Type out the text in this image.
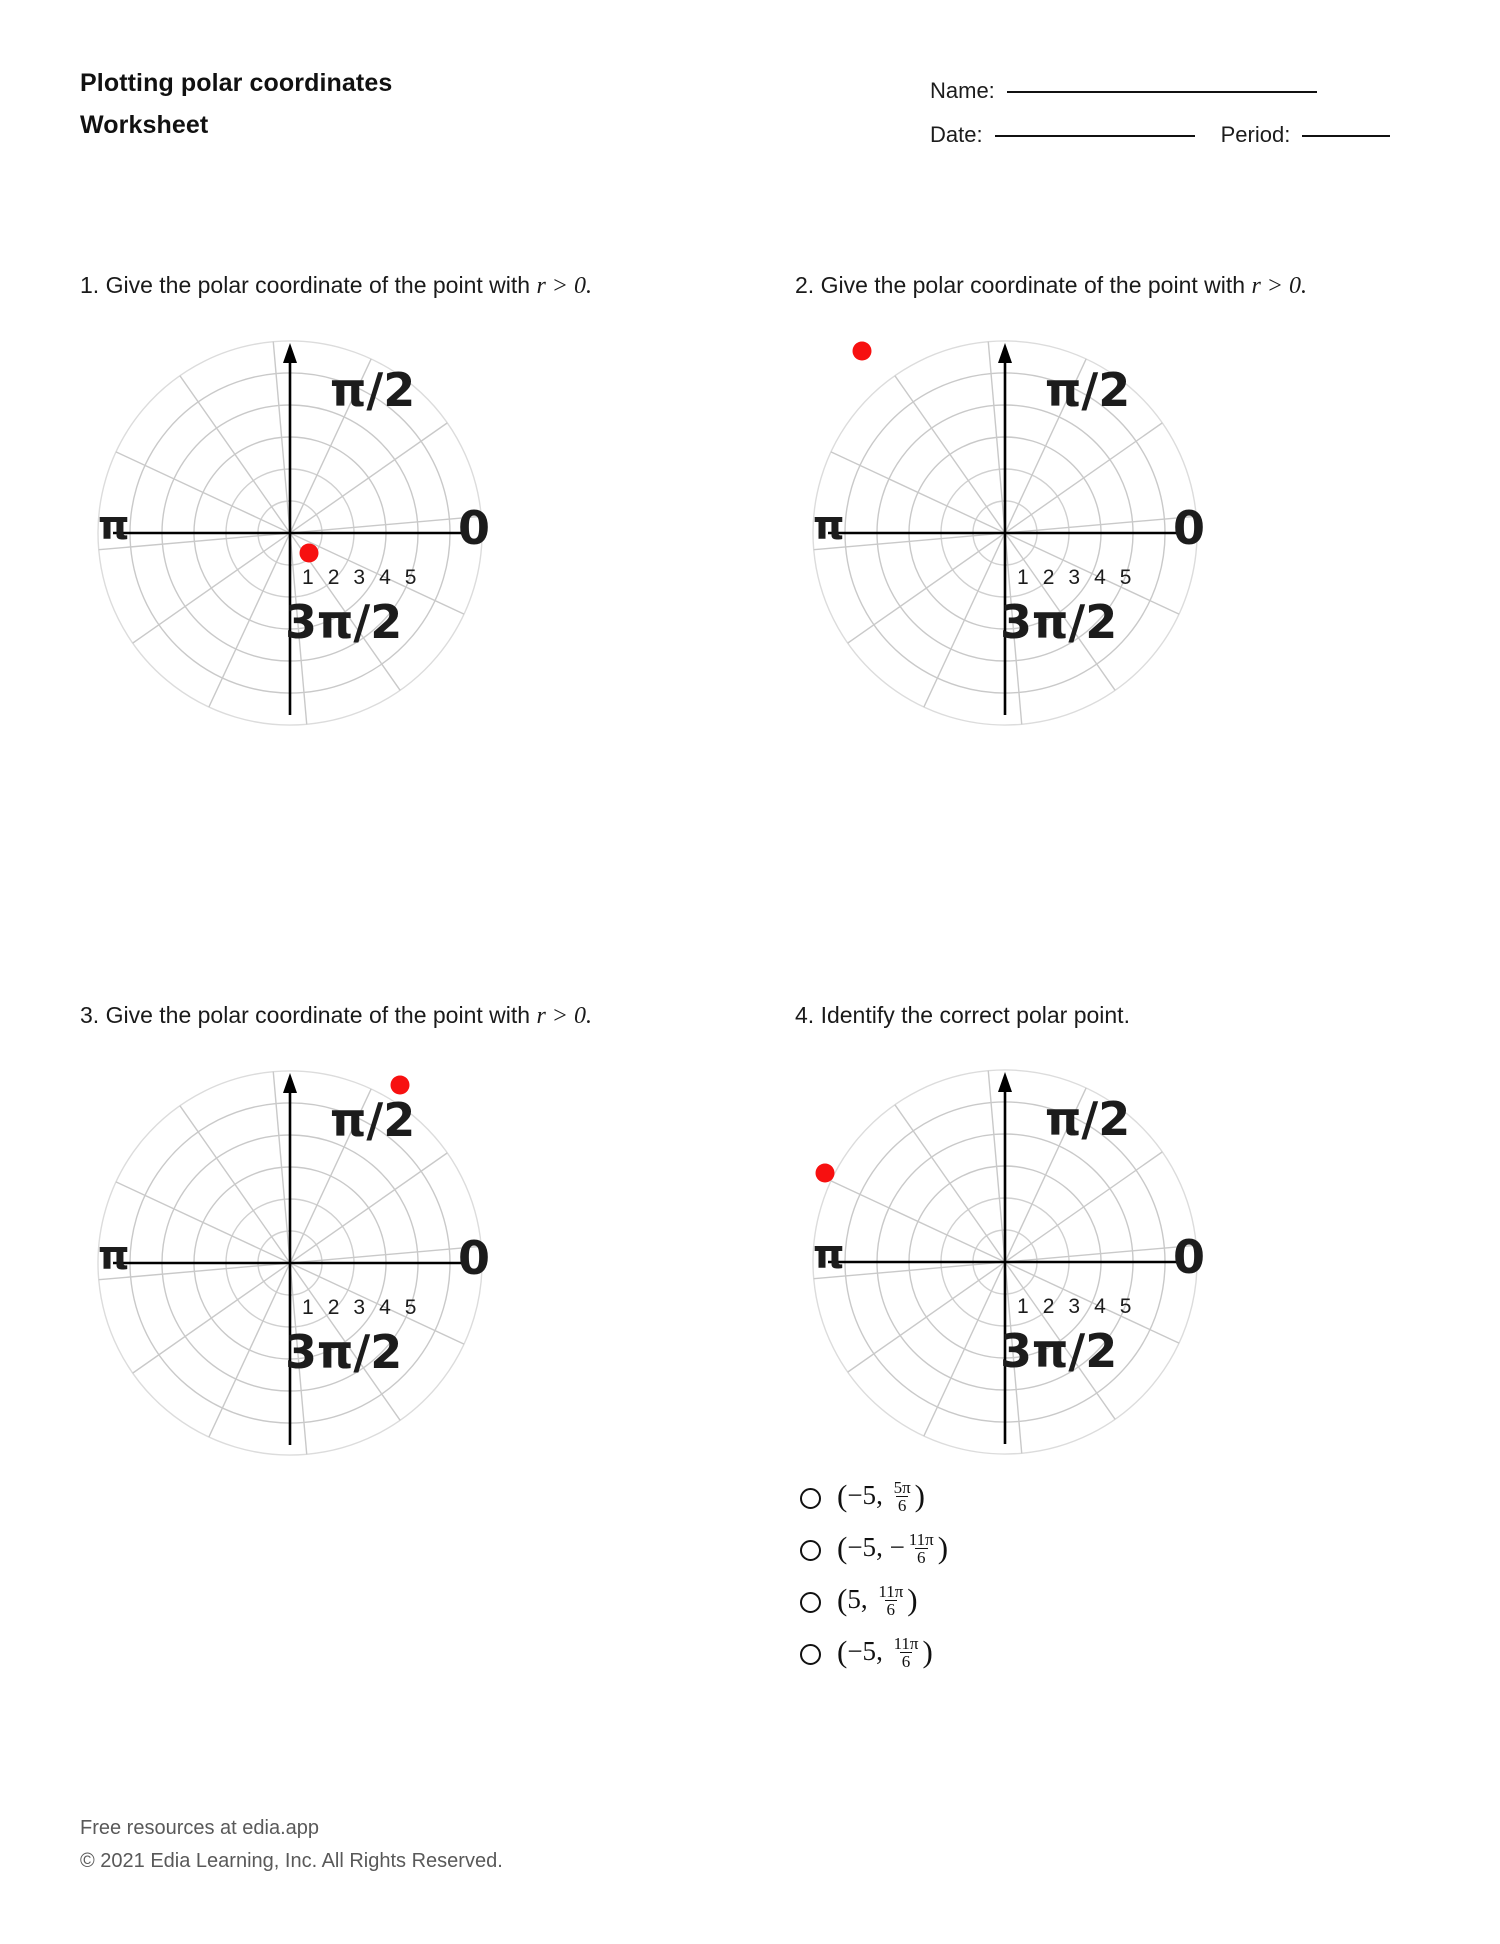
Plotting polar coordinates
Worksheet
Name:
Date:	Period:
1. Give the polar coordinate of the point with r > 0.
π/2
0
π
3π/2
12345
2. Give the polar coordinate of the point with r > 0.
π/2
0
π
3π/2
12345
3. Give the polar coordinate of the point with r > 0.
π/2
0
π
3π/2
12345
4. Identify the correct polar point.
π/2
0
π
3π/2
12345
(−5, $\frac{5\pi}{6}$ )
(−5, − $\frac{11\pi}{6}$ )
(5, $\frac{11\pi}{6}$ )
(−5, $\frac{11\pi}{6}$ )
Free resources at edia.app
© 2021 Edia Learning, Inc. All Rights Reserved.
